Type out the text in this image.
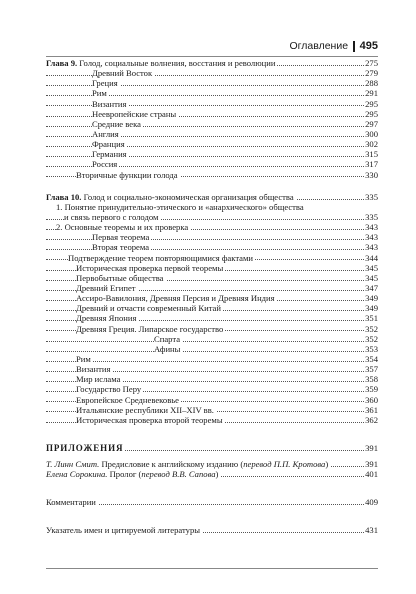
Оглавление 495
Глава 9. Голод, социальные волнения, восстания и революции	275
Древний Восток	279
Греция	288
Рим	291
Византия	295
Неевропейские страны	295
Средние века	297
Англия	300
Франция	302
Германия	315
Россия	317
Вторичные функции голода	330
Глава 10. Голод и социально-экономическая организация общества	335
1. Понятие принудительно-этического и «анархического» общества
и связь первого с голодом	335
2. Основные теоремы и их проверка	343
Первая теорема	343
Вторая теорема	343
Подтверждение теорем повторяющимися фактами	344
Историческая проверка первой теоремы	345
Первобытные общества	345
Древний Египет	347
Ассиро-Вавилония, Древняя Персия и Древняя Индия	349
Древний и отчасти современный Китай	349
Древняя Япония	351
Древняя Греция. Липарское государство	352
Спарта	352
Афины	353
Рим	354
Византия	357
Мир ислама	358
Государство Перу	359
Европейское Средневековье	360
Итальянские республики XII–XIV вв.	361
Историческая проверка второй теоремы	362
ПРИЛОЖЕНИЯ	391
Т. Линн Смит. Предисловие к английскому изданию (перевод П.П. Кротова)	391
Елена Сорокина. Пролог (перевод В.В. Сапова)	401
Комментарии	409
Указатель имен и цитируемой литературы	431
